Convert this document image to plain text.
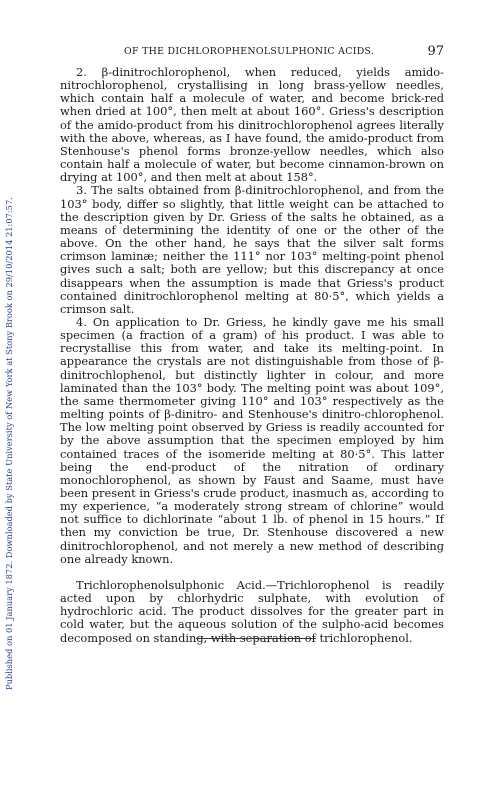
Published on 01 January 1872. Downloaded by State University of New York at Stony Brook on 29/10/2014 21:07:57.
OF THE DICHLOROPHENOLSULPHONIC ACIDS.	97

2. β-dinitrochlorophenol, when reduced, yields amido-nitrochlorophenol, crystallising in long brass-yellow needles, which contain half a molecule of water, and become brick-red when dried at 100°, then melt at about 160°. Griess's description of the amido-product from his dinitrochlorophenol agrees literally with the above, whereas, as I have found, the amido-product from Stenhouse's phenol forms bronze-yellow needles, which also contain half a molecule of water, but become cinnamon-brown on drying at 100°, and then melt at about 158°.

3. The salts obtained from β-dinitrochlorophenol, and from the 103° body, differ so slightly, that little weight can be attached to the description given by Dr. Griess of the salts he obtained, as a means of determining the identity of one or the other of the above. On the other hand, he says that the silver salt forms crimson laminæ; neither the 111° nor 103° melting-point phenol gives such a salt; both are yellow; but this discrepancy at once disappears when the assumption is made that Griess's product contained dinitrochlorophenol melting at 80·5°, which yields a crimson salt.

4. On application to Dr. Griess, he kindly gave me his small specimen (a fraction of a gram) of his product. I was able to recrystallise this from water, and take its melting-point. In appearance the crystals are not distinguishable from those of β-dinitrochlophenol, but distinctly lighter in colour, and more laminated than the 103° body. The melting point was about 109°, the same thermometer giving 110° and 103° respectively as the melting points of β-dinitro- and Stenhouse's dinitro-chlorophenol. The low melting point observed by Griess is readily accounted for by the above assumption that the specimen employed by him contained traces of the isomeride melting at 80·5°. This latter being the end-product of the nitration of ordinary monochlorophenol, as shown by Faust and Saame, must have been present in Griess's crude product, inasmuch as, according to my experience, “a moderately strong stream of chlorine” would not suffice to dichlorinate “about 1 lb. of phenol in 15 hours.” If then my conviction be true, Dr. Stenhouse discovered a new dinitrochlorophenol, and not merely a new method of describing one already known.

Trichlorophenolsulphonic Acid.—Trichlorophenol is readily acted upon by chlorhydric sulphate, with evolution of hydrochloric acid. The product dissolves for the greater part in cold water, but the aqueous solution of the sulpho-acid becomes decomposed on standing, with separation of trichlorophenol.
